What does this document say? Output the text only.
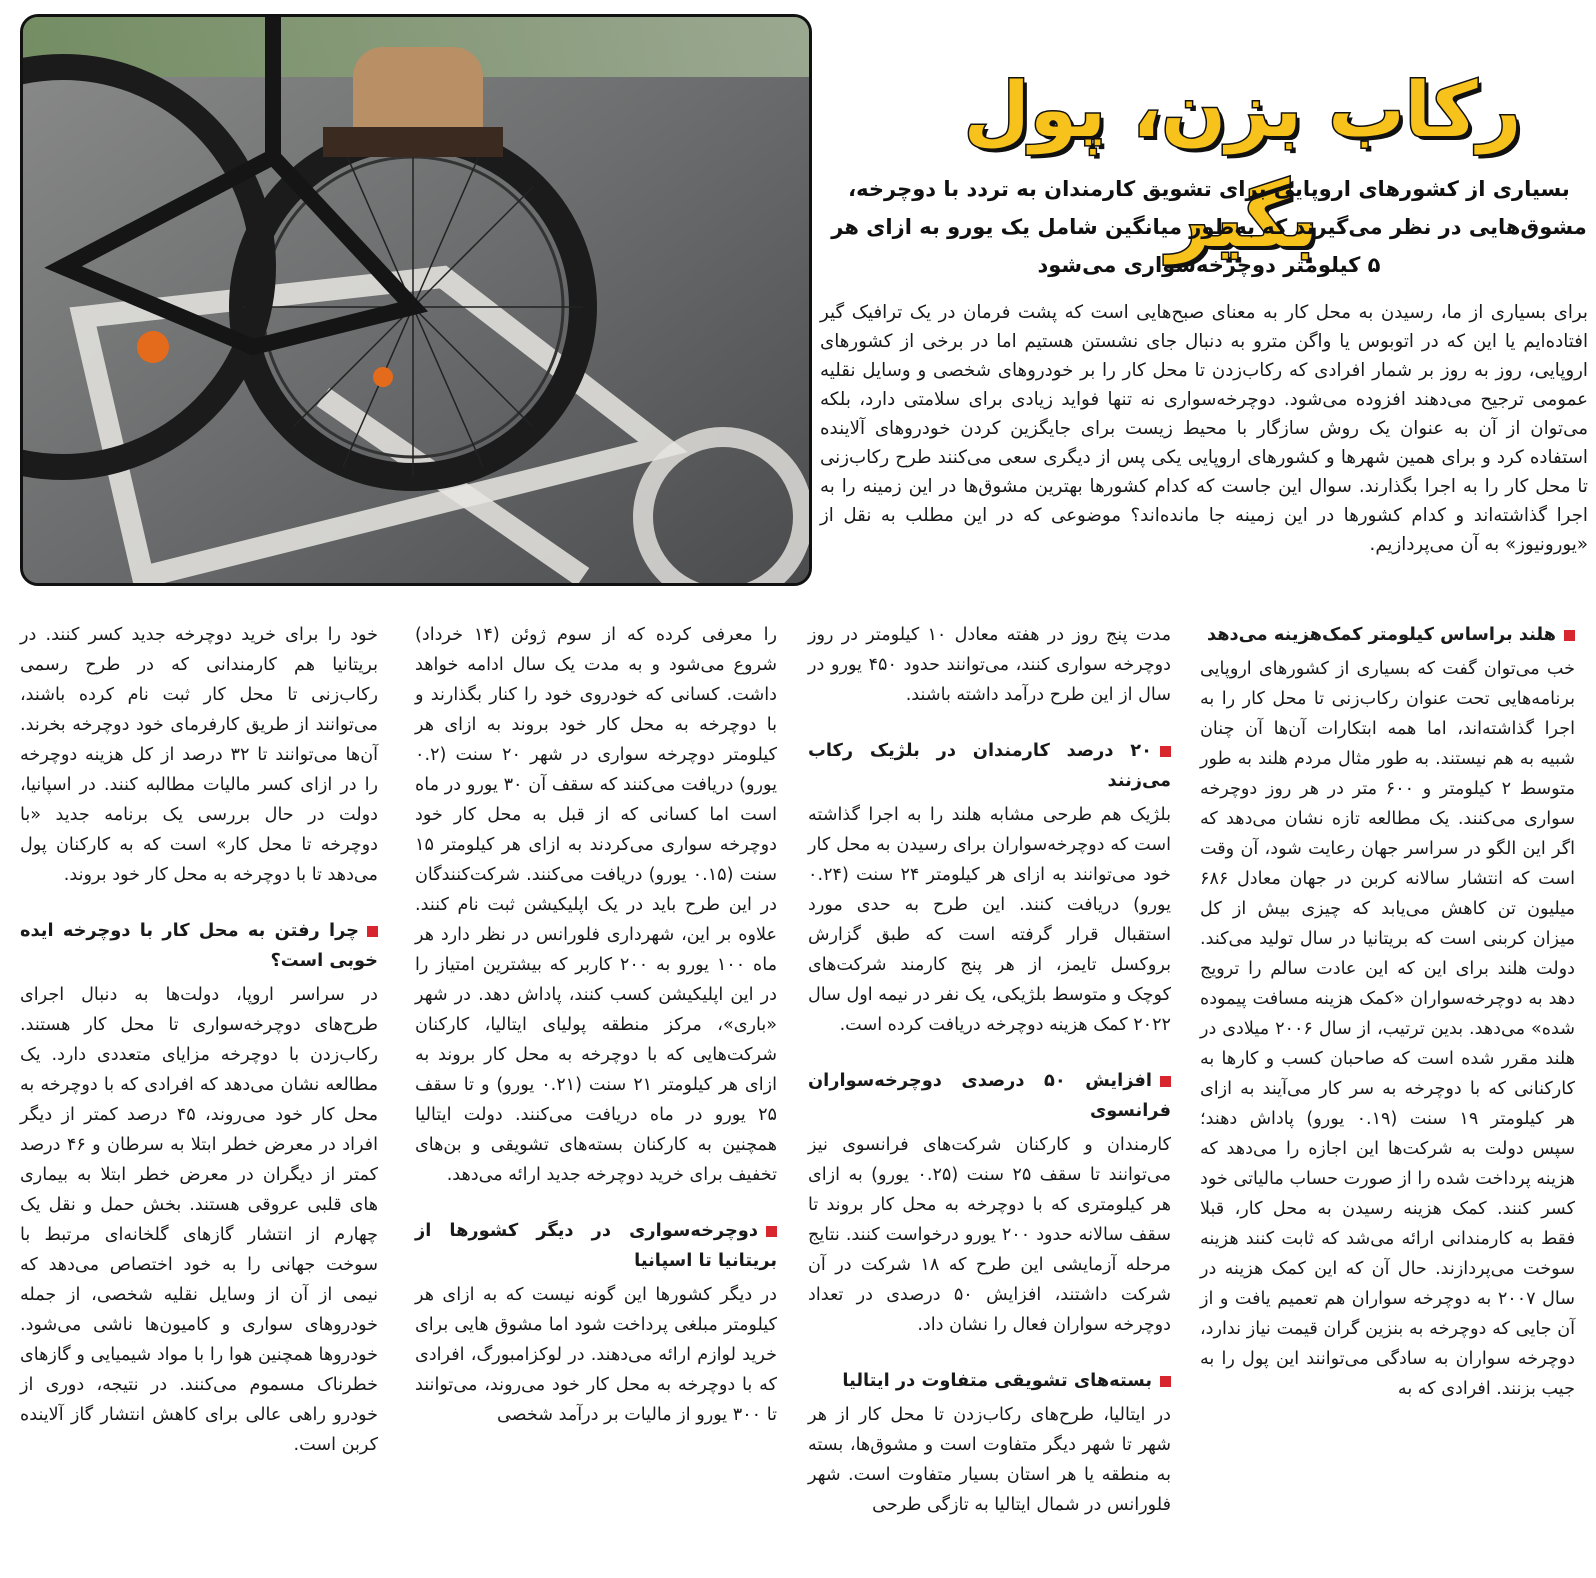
رکاب بزن، پول بگیر
بسیاری از کشورهای اروپایی برای تشویق کارمندان به تردد با دوچرخه، مشوق‌هایی در نظر می‌گیرند که به‌طور میانگین شامل یک یورو به ازای هر ۵ کیلومتر دوچرخه‌سواری می‌شود
برای بسیاری از ما، رسیدن به محل کار به معنای صبح‌هایی است که پشت فرمان در یک ترافیک گیر افتاده‌ایم یا این که در اتوبوس یا واگن مترو به دنبال جای نشستن هستیم اما در برخی از کشورهای اروپایی، روز به روز بر شمار افرادی که رکاب‌زدن تا محل کار را بر خودروهای شخصی و وسایل نقلیه عمومی ترجیح می‌دهند افزوده می‌شود. دوچرخه‌سواری نه تنها فواید زیادی برای سلامتی دارد، بلکه می‌توان از آن به عنوان یک روش سازگار با محیط زیست برای جایگزین کردن خودروهای آلاینده استفاده کرد و برای همین شهرها و کشورهای اروپایی یکی پس از دیگری سعی می‌کنند طرح رکاب‌زنی تا محل کار را به اجرا بگذارند. سوال این جاست که کدام کشورها بهترین مشوق‌ها در این زمینه را به اجرا گذاشته‌اند و کدام کشورها در این زمینه جا مانده‌اند؟ موضوعی که در این مطلب به نقل از «یورونیوز» به آن می‌پردازیم.
هلند براساس کیلومتر کمک‌هزینه می‌دهد

خب می‌توان گفت که بسیاری از کشورهای اروپایی برنامه‌هایی تحت عنوان رکاب‌زنی تا محل کار را به اجرا گذاشته‌اند، اما همه ابتکارات آن‌ها آن چنان شبیه به هم نیستند. به طور مثال مردم هلند به طور متوسط ۲ کیلومتر و ۶۰۰ متر در هر روز دوچرخه سواری می‌کنند. یک مطالعه تازه نشان می‌دهد که اگر این الگو در سراسر جهان رعایت شود، آن وقت است که انتشار سالانه کربن در جهان معادل ۶۸۶ میلیون تن کاهش می‌یابد که چیزی بیش از کل میزان کربنی است که بریتانیا در سال تولید می‌کند. دولت هلند برای این که این عادت سالم را ترویج دهد به دوچرخه‌سواران «کمک هزینه مسافت پیموده شده» می‌دهد. بدین ترتیب، از سال ۲۰۰۶ میلادی در هلند مقرر شده است که صاحبان کسب و کارها به کارکنانی که با دوچرخه به سر کار می‌آیند به ازای هر کیلومتر ۱۹ سنت (۰.۱۹ یورو) پاداش دهند؛ سپس دولت به شرکت‌ها این اجازه را می‌دهد که هزینه پرداخت شده را از صورت حساب مالیاتی خود کسر کنند. کمک هزینه رسیدن به محل کار، قبلا فقط به کارمندانی ارائه می‌شد که ثابت کنند هزینه سوخت می‌پردازند. حال آن که این کمک هزینه در سال ۲۰۰۷ به دوچرخه سواران هم تعمیم یافت و از آن جایی که دوچرخه به بنزین گران قیمت نیاز ندارد، دوچرخه سواران به سادگی می‌توانند این پول را به جیب بزنند. افرادی که به

مدت پنج روز در هفته معادل ۱۰ کیلومتر در روز دوچرخه سواری کنند، می‌توانند حدود ۴۵۰ یورو در سال از این طرح درآمد داشته باشند.

۲۰ درصد کارمندان در بلژیک رکاب می‌زنند

بلژیک هم طرحی مشابه هلند را به اجرا گذاشته است که دوچرخه‌سواران برای رسیدن به محل کار خود می‌توانند به ازای هر کیلومتر ۲۴ سنت (۰.۲۴ یورو) دریافت کنند. این طرح به حدی مورد استقبال قرار گرفته است که طبق گزارش بروکسل تایمز، از هر پنج کارمند شرکت‌های کوچک و متوسط بلژیکی، یک نفر در نیمه اول سال ۲۰۲۲ کمک هزینه دوچرخه دریافت کرده است.

افزایش ۵۰ درصدی دوچرخه‌سواران فرانسوی

کارمندان و کارکنان شرکت‌های فرانسوی نیز می‌توانند تا سقف ۲۵ سنت (۰.۲۵ یورو) به ازای هر کیلومتری که با دوچرخه به محل کار بروند تا سقف سالانه حدود ۲۰۰ یورو درخواست کنند. نتایج مرحله آزمایشی این طرح که ۱۸ شرکت در آن شرکت داشتند، افزایش ۵۰ درصدی در تعداد دوچرخه سواران فعال را نشان داد.

بسته‌های تشویقی متفاوت در ایتالیا

در ایتالیا، طرح‌های رکاب‌زدن تا محل کار از هر شهر تا شهر دیگر متفاوت است و مشوق‌ها، بسته به منطقه یا هر استان بسیار متفاوت است. شهر فلورانس در شمال ایتالیا به تازگی طرحی

را معرفی کرده که از سوم ژوئن (۱۴ خرداد) شروع می‌شود و به مدت یک سال ادامه خواهد داشت. کسانی که خودروی خود را کنار بگذارند و با دوچرخه به محل کار خود بروند به ازای هر کیلومتر دوچرخه سواری در شهر ۲۰ سنت (۰.۲ یورو) دریافت می‌کنند که سقف آن ۳۰ یورو در ماه است اما کسانی که از قبل به محل کار خود دوچرخه سواری می‌کردند به ازای هر کیلومتر ۱۵ سنت (۰.۱۵ یورو) دریافت می‌کنند. شرکت‌کنندگان در این طرح باید در یک اپلیکیشن ثبت نام کنند. علاوه بر این، شهرداری فلورانس در نظر دارد هر ماه ۱۰۰ یورو به ۲۰۰ کاربر که بیشترین امتیاز را در این اپلیکیشن کسب کنند، پاداش دهد. در شهر «باری»، مرکز منطقه پولیای ایتالیا، کارکنان شرکت‌هایی که با دوچرخه به محل کار بروند به ازای هر کیلومتر ۲۱ سنت (۰.۲۱ یورو) و تا سقف ۲۵ یورو در ماه دریافت می‌کنند. دولت ایتالیا همچنین به کارکنان بسته‌های تشویقی و بن‌های تخفیف برای خرید دوچرخه جدید ارائه می‌دهد.

دوچرخه‌سواری در دیگر کشورها از بریتانیا تا اسپانیا

در دیگر کشورها این گونه نیست که به ازای هر کیلومتر مبلغی پرداخت شود اما مشوق هایی برای خرید لوازم ارائه می‌دهند. در لوکزامبورگ، افرادی که با دوچرخه به محل کار خود می‌روند، می‌توانند تا ۳۰۰ یورو از مالیات بر درآمد شخصی

خود را برای خرید دوچرخه جدید کسر کنند. در بریتانیا هم کارمندانی که در طرح رسمی رکاب‌زنی تا محل کار ثبت نام کرده باشند، می‌توانند از طریق کارفرمای خود دوچرخه بخرند. آن‌ها می‌توانند تا ۳۲ درصد از کل هزینه دوچرخه را در ازای کسر مالیات مطالبه کنند. در اسپانیا، دولت در حال بررسی یک برنامه جدید «با دوچرخه تا محل کار» است که به کارکنان پول می‌دهد تا با دوچرخه به محل کار خود بروند.

چرا رفتن به محل کار با دوچرخه ایده خوبی است؟

در سراسر اروپا، دولت‌ها به دنبال اجرای طرح‌های دوچرخه‌سواری تا محل کار هستند. رکاب‌زدن با دوچرخه مزایای متعددی دارد. یک مطالعه نشان می‌دهد که افرادی که با دوچرخه به محل کار خود می‌روند، ۴۵ درصد کمتر از دیگر افراد در معرض خطر ابتلا به سرطان و ۴۶ درصد کمتر از دیگران در معرض خطر ابتلا به بیماری های قلبی عروقی هستند. بخش حمل و نقل یک چهارم از انتشار گازهای گلخانه‌ای مرتبط با سوخت جهانی را به خود اختصاص می‌دهد که نیمی از آن از وسایل نقلیه شخصی، از جمله خودروهای سواری و کامیون‌ها ناشی می‌شود. خودروها همچنین هوا را با مواد شیمیایی و گازهای خطرناک مسموم می‌کنند. در نتیجه، دوری از خودرو راهی عالی برای کاهش انتشار گاز آلاینده کربن است.
